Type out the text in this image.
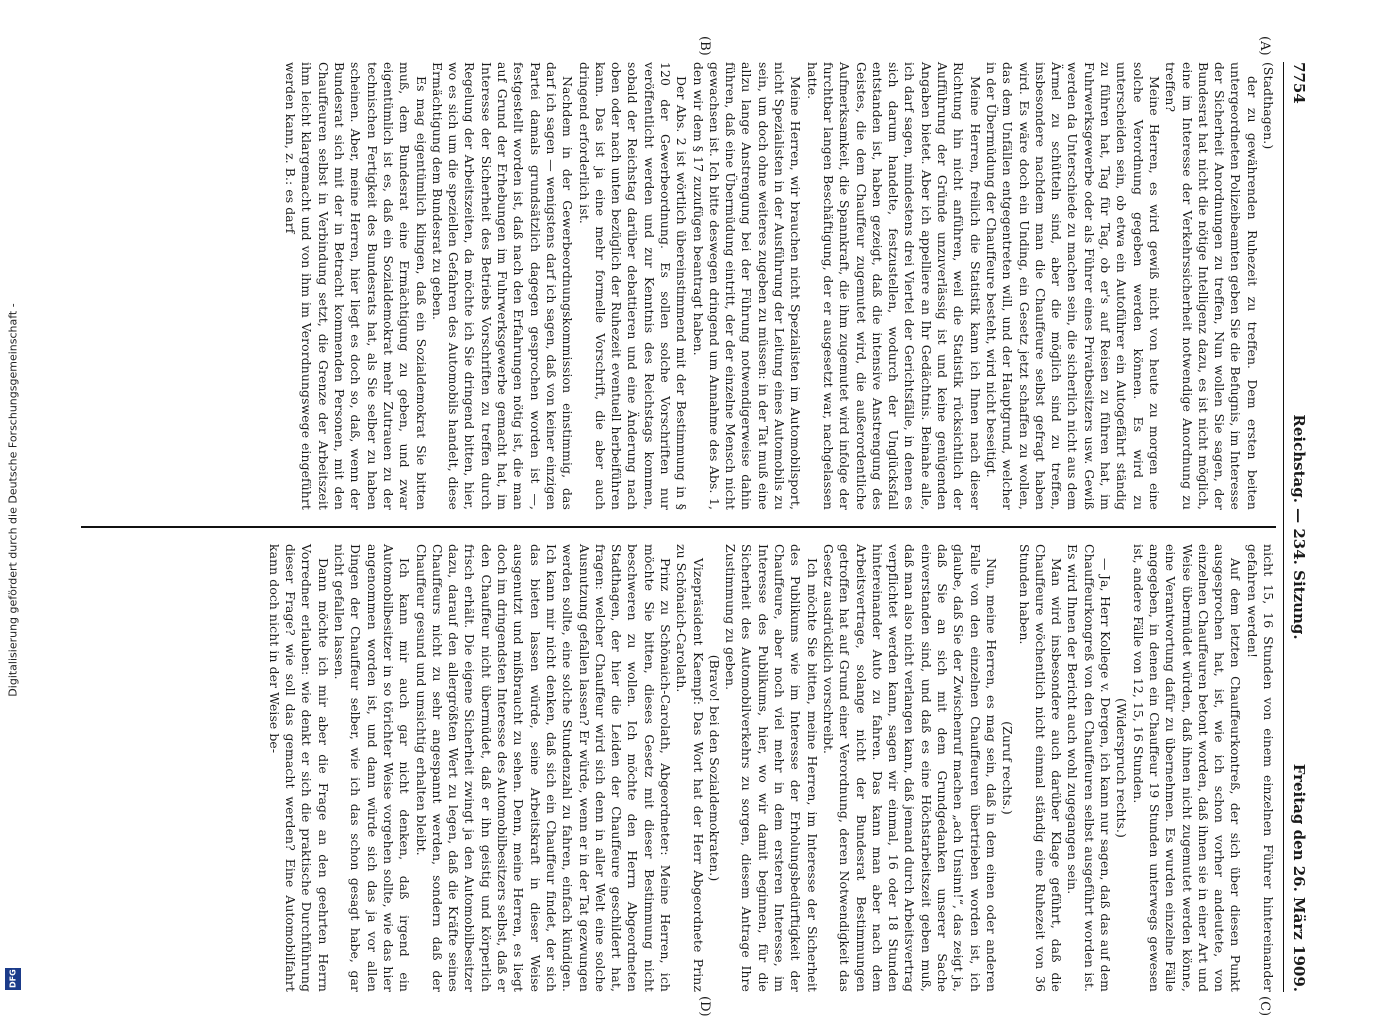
Digitalisierung gefördert durch die Deutsche Forschungsgemeinschaft -
DFG
7754
Reichstag. — 234. Sitzung.
Freitag den 26. März 1909.
(A)
(B)
(C)
(D)

(Stadthagen.)

der zu gewährenden Ruhezeit zu treffen. Dem ersten beiten untergeordneten Polizeibeamten geben Sie die Befugnis, im Interesse der Sicherheit Anordnungen zu treffen, Nun wollen Sie sagen, der Bundesrat hat nicht die nötige Intelligenz dazu, es ist nicht möglich, eine im Interesse der Verkehrssicherheit notwendige Anordnung zu treffen?

Meine Herren, es wird gewiß nicht von heute zu morgen eine solche Verordnung gegeben werden können. Es wird zu unterscheiden sein, ob etwa ein Autoführer ein Autogefährt ständig zu führen hat, Tag für Tag, ob er's auf Reisen zu führen hat, im Fuhrwerksgewerbe oder als Führer eines Privatbesitzers usw. Gewiß werden da Unterschiede zu machen sein, die sicherlich nicht aus dem Ärmel zu schütteln sind, aber die möglich sind zu treffen, insbesondere nachdem man die Chauffeure selbst gefragt haben wird. Es wäre doch ein Unding, ein Gesetz jetzt schaffen zu wollen, das dem Unfällen entgegentreten will, und der Hauptgrund, welcher in der Übermüdung der Chauffeure besteht, wird nicht beseitigt.

Meine Herren, freilich die Statistik kann ich Ihnen nach dieser Richtung hin nicht anführen, weil die Statistik rücksichtlich der Aufführung der Gründe unzuverlässig ist und keine genügenden Angaben bietet. Aber ich appelliere an Ihr Gedächtnis. Beinahe alle, ich darf sagen, mindestens drei Viertel der Gerichtsfälle, in denen es sich darum handelte, festzustellen, wodurch der Unglücksfall entstanden ist, haben gezeigt, daß die intensive Anstrengung des Geistes, die dem Chauffeur zugemutet wird, die außerordentliche Aufmerksamkeit, die Spannkraft, die ihm zugemutet wird infolge der furchtbar langen Beschäftigung, der er ausgesetzt war, nachgelassen hatte.

Meine Herren, wir brauchen nicht Spezialisten im Automobilsport, nicht Spezialisten in der Ausführung der Leitung eines Automobils zu sein, um doch ohne weiteres zugeben zu müssen: in der Tat muß eine allzu lange Anstrengung bei der Führung notwendigerweise dahin führen, daß eine Übermüdung eintritt, der der einzelne Mensch nicht gewachsen ist. Ich bitte deswegen dringend um Annahme des Abs. 1, den wir dem § 17 zuzufügen beantragt haben.

Der Abs. 2 ist wörtlich übereinstimmend mit der Bestimmung in § 120 der Gewerbeordnung. Es sollen solche Vorschriften nur veröffentlicht werden und zur Kenntnis des Reichstags kommen, sobald der Reichstag darüber debattieren und eine Änderung nach oben oder nach unten bezüglich der Ruhezeit eventuell herbeiführen kann. Das ist ja eine mehr formelle Vorschrift, die aber auch dringend erforderlich ist.

Nachdem in der Gewerbeordnungskommission einstimmig, das darf ich sagen — wenigstens darf ich sagen, daß von keiner einzigen Partei damals grundsätzlich dagegen gesprochen worden ist —, festgestellt worden ist, daß nach den Erfahrungen nötig ist, die man auf Grund der Erhebungen im Fuhrwerksgewerbe gemacht hat, im Interesse der Sicherheit des Betriebs Vorschriften zu treffen durch Regelung der Arbeitszeiten, da möchte ich Sie dringend bitten, hier, wo es sich um die speziellen Gefahren des Automobils handelt, diese Ermächtigung dem Bundesrat zu geben.

Es mag eigentümlich klingen, daß ein Sozialdemokrat Sie bitten muß, dem Bundesrat eine Ermächtigung zu geben, und zwar eigentümlich ist es, daß ein Sozialdemokrat mehr Zutrauen zu der technischen Fertigkeit des Bundesrats hat, als Sie selber zu haben scheinen. Aber, meine Herren, hier liegt es doch so, daß, wenn der Bundesrat sich mit der in Betracht kommenden Personen, mit den Chauffeuren selbst in Verbindung setzt, die Grenze der Arbeitszeit ihm leicht klargemacht und von ihm im Verordnungswege eingeführt werden kann, z. B.: es darf

nicht 15, 16 Stunden von einem einzelnen Führer hintereinander gefahren werden!

Auf dem letzten Chauffeurkontreß, der sich über diesen Punkt ausgesprochen hat, ist, wie ich schon vorher andeutete, von einzelnen Chauffeuren betont worden, daß ihnen sie in einer Art und Weise übermüdet würden, daß ihnen nicht zugemutet werden könne, eine Verantwortung dafür zu übernehmen. Es wurden einzelne Fälle angegeben, in denen ein Chauffeur 19 Stunden unterwegs gewesen ist, andere Fälle von 12, 15, 16 Stunden.

(Widerspruch rechts.)

— Ja, Herr Kollege v. Dergen, ich kann nur sagen, daß das auf dem Chauffeurkongreß von den Chauffeuren selbst ausgeführt worden ist. Es wird Ihnen der Bericht auch wohl zugegangen sein.

Man wird insbesondere auch darüber Klage geführt, daß die Chauffeure wöchentlich nicht einmal ständig eine Ruhezeit von 36 Stunden haben.

(Zuruf rechts.)

Nun, meine Herren, es mag sein, daß in dem einen oder anderen Falle von den einzelnen Chauffeuren übertrieben worden ist, ich glaube, daß Sie der Zwischenruf machen „ach Unsinn!“, das zeigt ja, daß Sie an sich mit dem Grundgedanken unserer Sache einverstanden sind, und daß es eine Höchstarbeitszeit geben muß, daß man also nicht verlangen kann, daß jemand durch Arbeitsvertrag verpflichtet werden kann, sagen wir einmal, 16 oder 18 Stunden hintereinander Auto zu fahren. Das kann man aber nach dem Arbeitsvertrage, solange nicht der Bundesrat Bestimmungen getroffen hat auf Grund einer Verordnung, deren Notwendigkeit das Gesetz ausdrücklich vorschreibt.

Ich möchte Sie bitten, meine Herren, im Interesse der Sicherheit des Publikums wie im Interesse der Erholungsbedürftigkeit der Chauffeure, aber noch viel mehr in dem ersteren Interesse, im Interesse des Publikums, hier, wo wir damit beginnen, für die Sicherheit des Automobilverkehrs zu sorgen, diesem Antrage Ihre Zustimmung zu geben.

(Bravo! bei den Sozialdemokraten.)

Vizepräsident Kaempf: Das Wort hat der Herr Abgeordnete Prinz zu Schönaich-Carolath.

Prinz zu Schönaich-Carolath, Abgeordneter: Meine Herren, ich möchte Sie bitten, dieses Gesetz mit dieser Bestimmung nicht beschweren zu wollen. Ich möchte den Herrn Abgeordneten Stadthagen, der hier die Leiden der Chauffeure geschildert hat, fragen: welcher Chauffeur wird sich denn in aller Welt eine solche Ausnutzung gefallen lassen? Er würde, wenn er in der Tat gezwungen werden sollte, eine solche Stundenzahl zu fahren, einfach kündigen. Ich kann mir nicht denken, daß sich ein Chauffeur findet, der sich das bieten lassen würde, seine Arbeitskraft in dieser Weise ausgenutzt und mißbraucht zu sehen. Denn, meine Herren, es liegt doch im dringendsten Interesse des Automobilbesitzers selbst, daß er den Chauffeur nicht übermüdet, daß er ihn geistig und körperlich frisch erhält. Die eigene Sicherheit zwingt ja den Automobilbesitzer dazu, darauf den allergrößten Wert zu legen, daß die Kräfte seines Chauffeurs nicht zu sehr angespannt werden, sondern daß der Chauffeur gesund und umsichtig erhalten bleibt.

Ich kann mir auch gar nicht denken, daß irgend ein Automobilbesitzer in so törichter Weise vorgehen sollte, wie das hier angenommen worden ist, und dann würde sich das ja vor allen Dingen der Chauffeur selber, wie ich das schon gesagt habe, gar nicht gefallen lassen.

Dann möchte ich mir aber die Frage an den geehrten Herrn Vorredner erlauben: wie denkt er sich die praktische Durchführung dieser Frage? wie soll das gemacht werden? Eine Automobilfahrt kann doch nicht in der Weise be-
